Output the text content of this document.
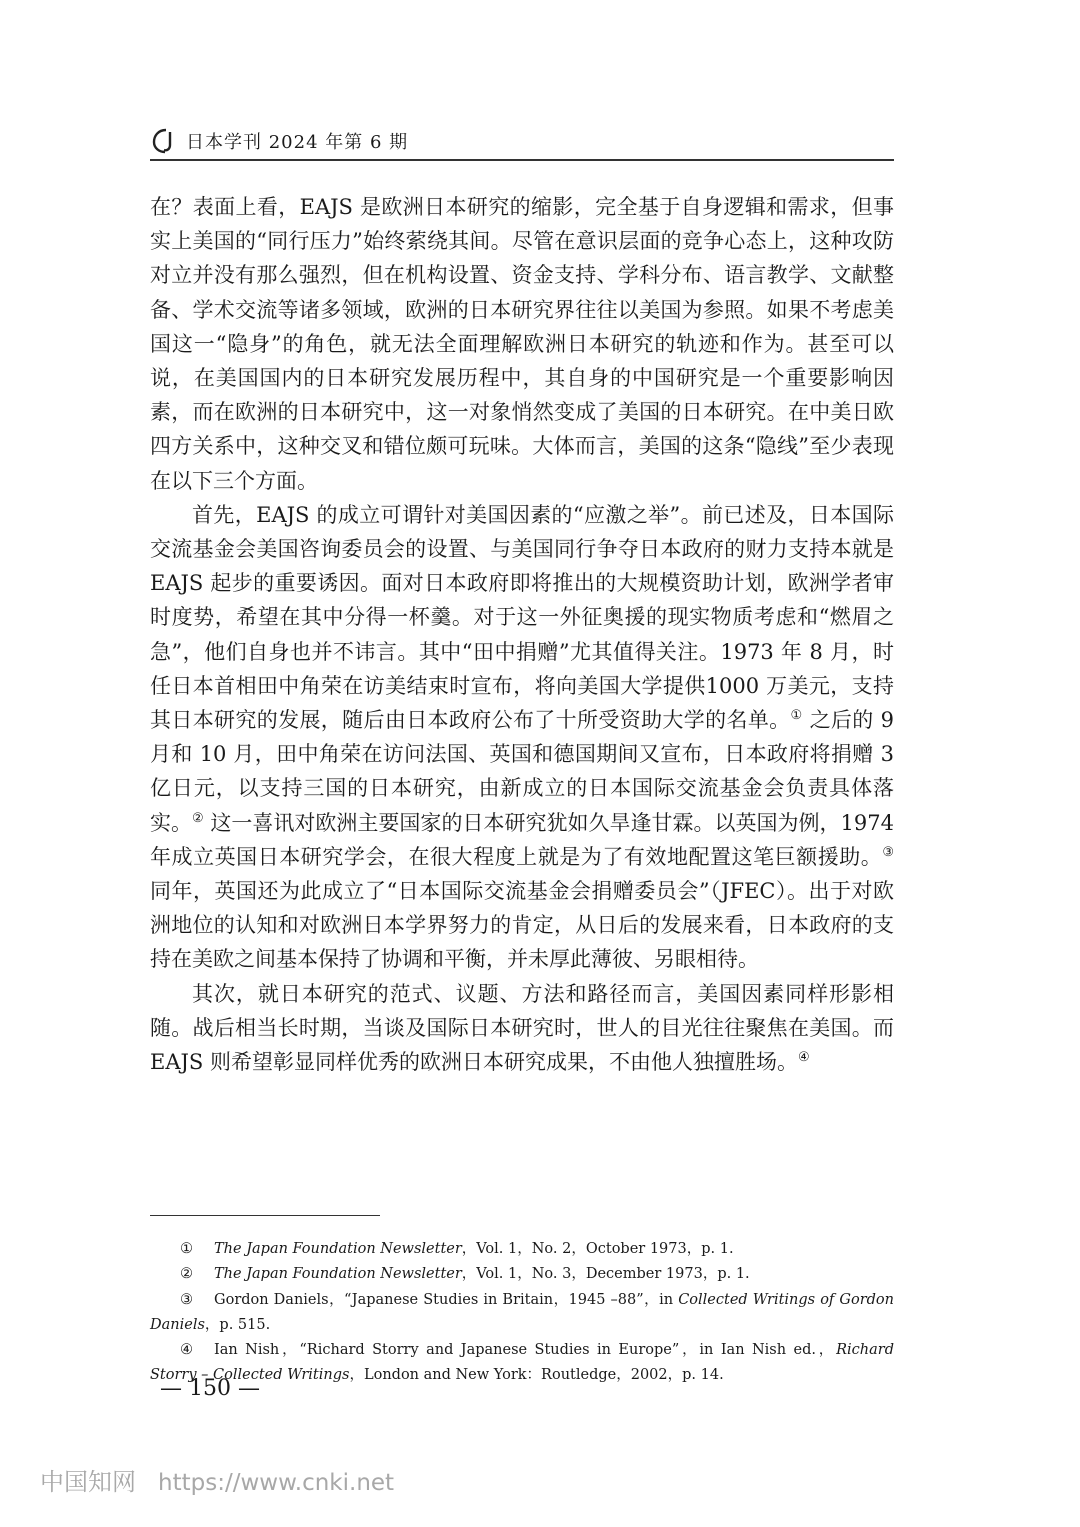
日本学刊 2024 年第 6 期

在？表面上看，EAJS 是欧洲日本研究的缩影，完全基于自身逻辑和需求，但事实上美国的“同行压力”始终萦绕其间。尽管在意识层面的竞争心态上，这种攻防对立并没有那么强烈，但在机构设置、资金支持、学科分布、语言教学、文献整备、学术交流等诸多领域，欧洲的日本研究界往往以美国为参照。如果不考虑美国这一“隐身”的角色，就无法全面理解欧洲日本研究的轨迹和作为。甚至可以说，在美国国内的日本研究发展历程中，其自身的中国研究是一个重要影响因素，而在欧洲的日本研究中，这一对象悄然变成了美国的日本研究。在中美日欧四方关系中，这种交叉和错位颇可玩味。大体而言，美国的这条“隐线”至少表现在以下三个方面。

首先，EAJS 的成立可谓针对美国因素的“应激之举”。前已述及，日本国际交流基金会美国咨询委员会的设置、与美国同行争夺日本政府的财力支持本就是 EAJS 起步的重要诱因。面对日本政府即将推出的大规模资助计划，欧洲学者审时度势，希望在其中分得一杯羹。对于这一外征奥援的现实物质考虑和“燃眉之急”，他们自身也并不讳言。其中“田中捐赠”尤其值得关注。1973 年 8 月，时任日本首相田中角荣在访美结束时宣布，将向美国大学提供1000 万美元，支持其日本研究的发展，随后由日本政府公布了十所受资助大学的名单。① 之后的 9 月和 10 月，田中角荣在访问法国、英国和德国期间又宣布，日本政府将捐赠 3 亿日元，以支持三国的日本研究，由新成立的日本国际交流基金会负责具体落实。② 这一喜讯对欧洲主要国家的日本研究犹如久旱逢甘霖。以英国为例，1974 年成立英国日本研究学会，在很大程度上就是为了有效地配置这笔巨额援助。③ 同年，英国还为此成立了“日本国际交流基金会捐赠委员会”（JFEC）。出于对欧洲地位的认知和对欧洲日本学界努力的肯定，从日后的发展来看，日本政府的支持在美欧之间基本保持了协调和平衡，并未厚此薄彼、另眼相待。

其次，就日本研究的范式、议题、方法和路径而言，美国因素同样形影相随。战后相当长时期，当谈及国际日本研究时，世人的目光往往聚焦在美国。而 EAJS 则希望彰显同样优秀的欧洲日本研究成果，不由他人独擅胜场。④

① The Japan Foundation Newsletter，Vol. 1，No. 2，October 1973，p. 1.

② The Japan Foundation Newsletter，Vol. 1，No. 3，December 1973，p. 1.

③ Gordon Daniels，“Japanese Studies in Britain，1945 –88”，in Collected Writings of Gordon Daniels，p. 515.

④ Ian Nish，“Richard Storry and Japanese Studies in Europe”，in Ian Nish ed.，Richard Storry – Collected Writings，London and New York：Routledge，2002，p. 14.

— 150 —
中国知网 https://www.cnki.net
